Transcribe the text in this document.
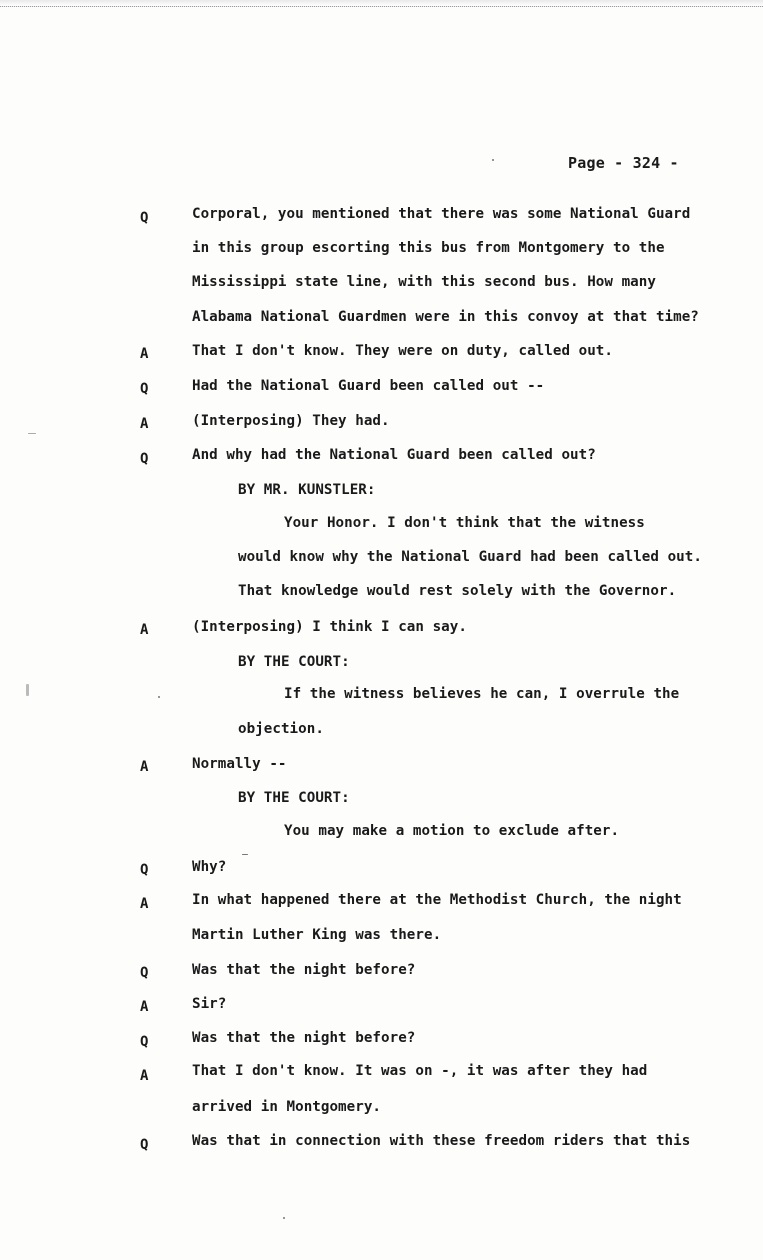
Page - 324 -
Q	Corporal, you mentioned that there was some National Guard
in this group escorting this bus from Montgomery to the
Mississippi state line, with this second bus. How many
Alabama National Guardmen were in this convoy at that time?
A	That I don't know. They were on duty, called out.
Q	Had the National Guard been called out --
A	(Interposing) They had.
Q	And why had the National Guard been called out?
BY MR. KUNSTLER:
Your Honor. I don't think that the witness
would know why the National Guard had been called out.
That knowledge would rest solely with the Governor.
A	(Interposing) I think I can say.
BY THE COURT:
If the witness believes he can, I overrule the
objection.
A	Normally --
BY THE COURT:
You may make a motion to exclude after.
Q	Why?
A	In what happened there at the Methodist Church, the night
Martin Luther King was there.
Q	Was that the night before?
A	Sir?
Q	Was that the night before?
A	That I don't know. It was on -, it was after they had
arrived in Montgomery.
Q	Was that in connection with these freedom riders that this
